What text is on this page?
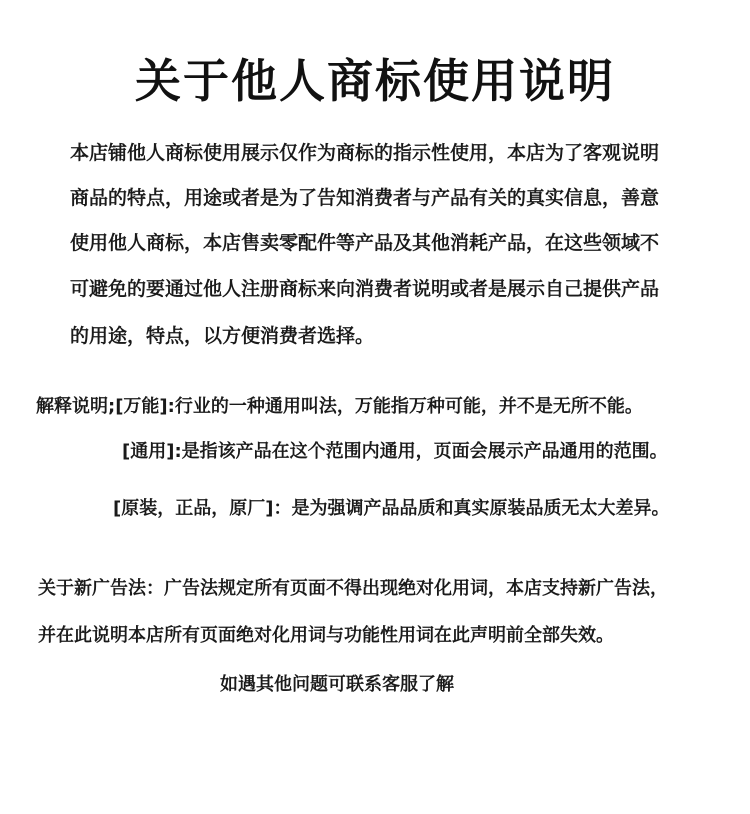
关于他人商标使用说明
本店铺他人商标使用展示仅作为商标的指示性使用，本店为了客观说明
商品的特点，用途或者是为了告知消费者与产品有关的真实信息，善意
使用他人商标，本店售卖零配件等产品及其他消耗产品，在这些领域不
可避免的要通过他人注册商标来向消费者说明或者是展示自己提供产品
的用途，特点，以方便消费者选择。
解释说明;[万能]:行业的一种通用叫法，万能指万种可能，并不是无所不能。
[通用]:是指该产品在这个范围内通用，页面会展示产品通用的范围。
[原装，正品，原厂]：是为强调产品品质和真实原装品质无太大差异。
关于新广告法：广告法规定所有页面不得出现绝对化用词，本店支持新广告法，
并在此说明本店所有页面绝对化用词与功能性用词在此声明前全部失效。
如遇其他问题可联系客服了解
